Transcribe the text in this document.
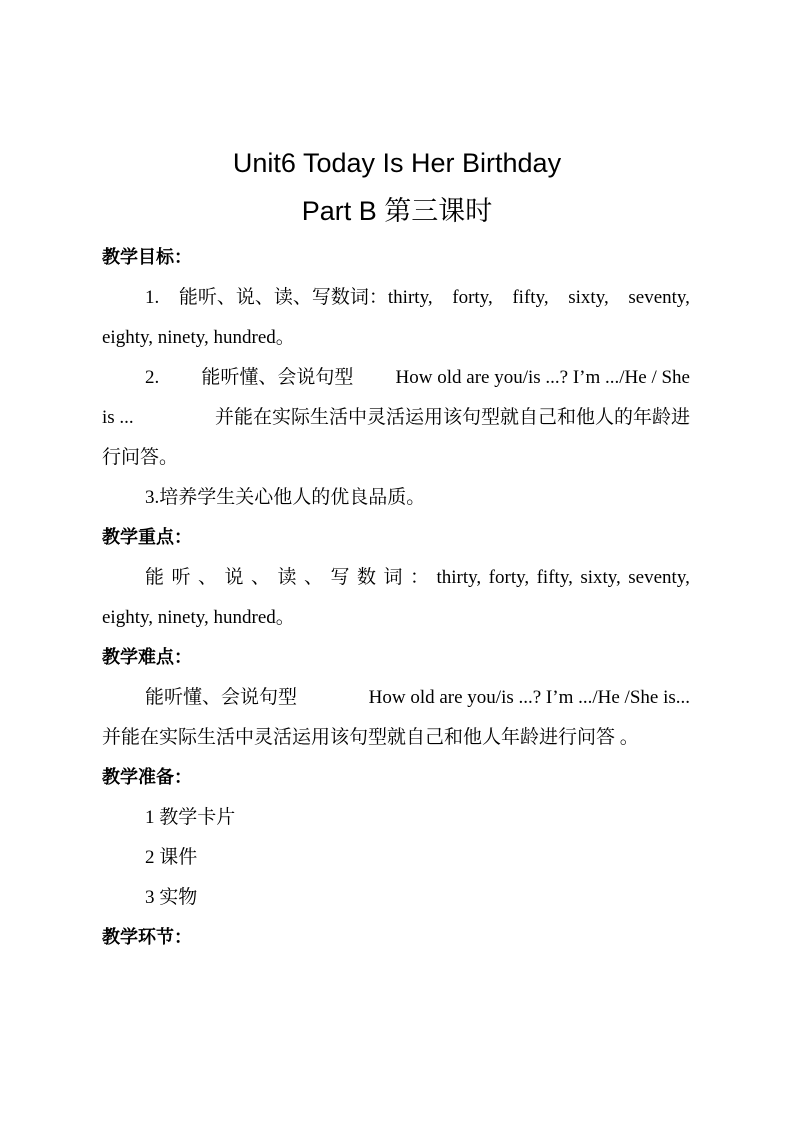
Unit6 Today Is Her Birthday
Part B 第三课时
教学目标：
1. 能听、说、读、写数词：thirty, forty, fifty, sixty, seventy,
eighty, ninety, hundred。
2. 能听懂、会说句型 How old are you/is ...? I’m .../He / She
is ...	并能在实际生活中灵活运用该句型就自己和他人的年龄进
行问答。
3.培养学生关心他人的优良品质。
教学重点：
能 听 、 说 、 读 、 写 数 词 ： thirty, forty, fifty, sixty, seventy,
eighty, ninety, hundred。
教学难点：
能听懂、会说句型	How old are you/is ...? I’m .../He /She is...
并能在实际生活中灵活运用该句型就自己和他人年龄进行问答 。
教学准备：
1 教学卡片
2 课件
3 实物
教学环节：
